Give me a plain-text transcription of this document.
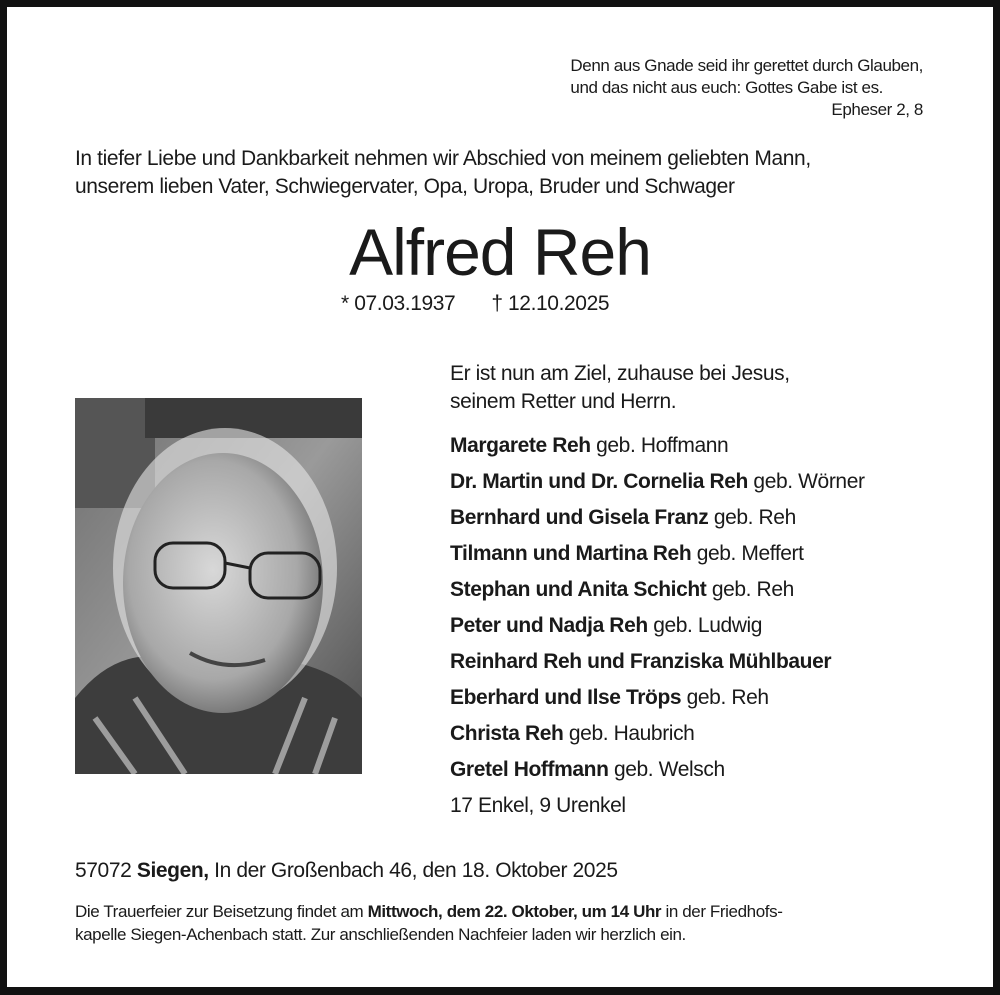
Denn aus Gnade seid ihr gerettet durch Glauben,
und das nicht aus euch: Gottes Gabe ist es.
Epheser 2, 8
In tiefer Liebe und Dankbarkeit nehmen wir Abschied von meinem geliebten Mann,
unserem lieben Vater, Schwiegervater, Opa, Uropa, Bruder und Schwager
Alfred Reh
* 07.03.1937 † 12.10.2025
Er ist nun am Ziel, zuhause bei Jesus,
seinem Retter und Herrn.
Margarete Reh geb. Hoffmann
Dr. Martin und Dr. Cornelia Reh geb. Wörner
Bernhard und Gisela Franz geb. Reh
Tilmann und Martina Reh geb. Meffert
Stephan und Anita Schicht geb. Reh
Peter und Nadja Reh geb. Ludwig
Reinhard Reh und Franziska Mühlbauer
Eberhard und Ilse Tröps geb. Reh
Christa Reh geb. Haubrich
Gretel Hoffmann geb. Welsch
17 Enkel, 9 Urenkel
57072 Siegen, In der Großenbach 46, den 18. Oktober 2025
Die Trauerfeier zur Beisetzung findet am Mittwoch, dem 22. Oktober, um 14 Uhr in der Friedhofs-
kapelle Siegen-Achenbach statt. Zur anschließenden Nachfeier laden wir herzlich ein.
